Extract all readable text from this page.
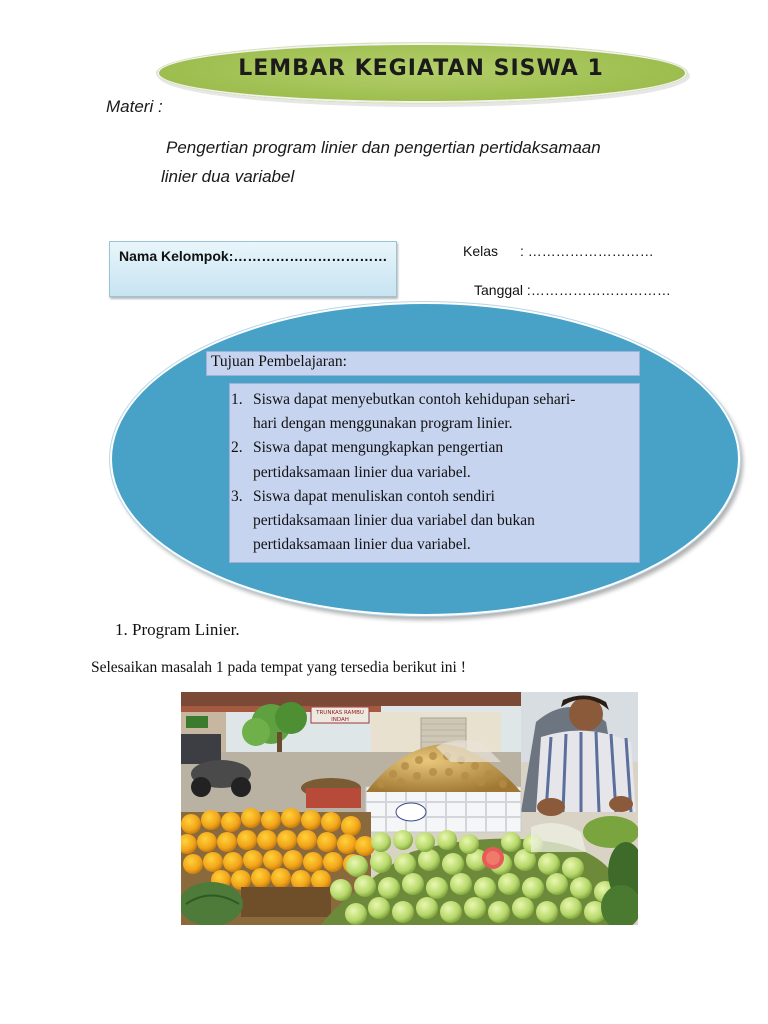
LEMBAR KEGIATAN SISWA 1
Materi :
Pengertian program linier dan pengertian pertidaksamaan
linier dua variabel
Nama Kelompok:……………………………	Kelas : ………………………
Tanggal :…………………………
Tujuan Pembelajaran:
1. Siswa dapat menyebutkan contoh kehidupan sehari-
hari dengan menggunakan program linier.
2. Siswa dapat mengungkapkan pengertian
pertidaksamaan linier dua variabel.
3. Siswa dapat menuliskan contoh sendiri
pertidaksamaan linier dua variabel dan bukan
pertidaksamaan linier dua variabel.
1. Program Linier.
Selesaikan masalah 1 pada tempat yang tersedia berikut ini !
TRUNKAS RAMBU
INDAH
